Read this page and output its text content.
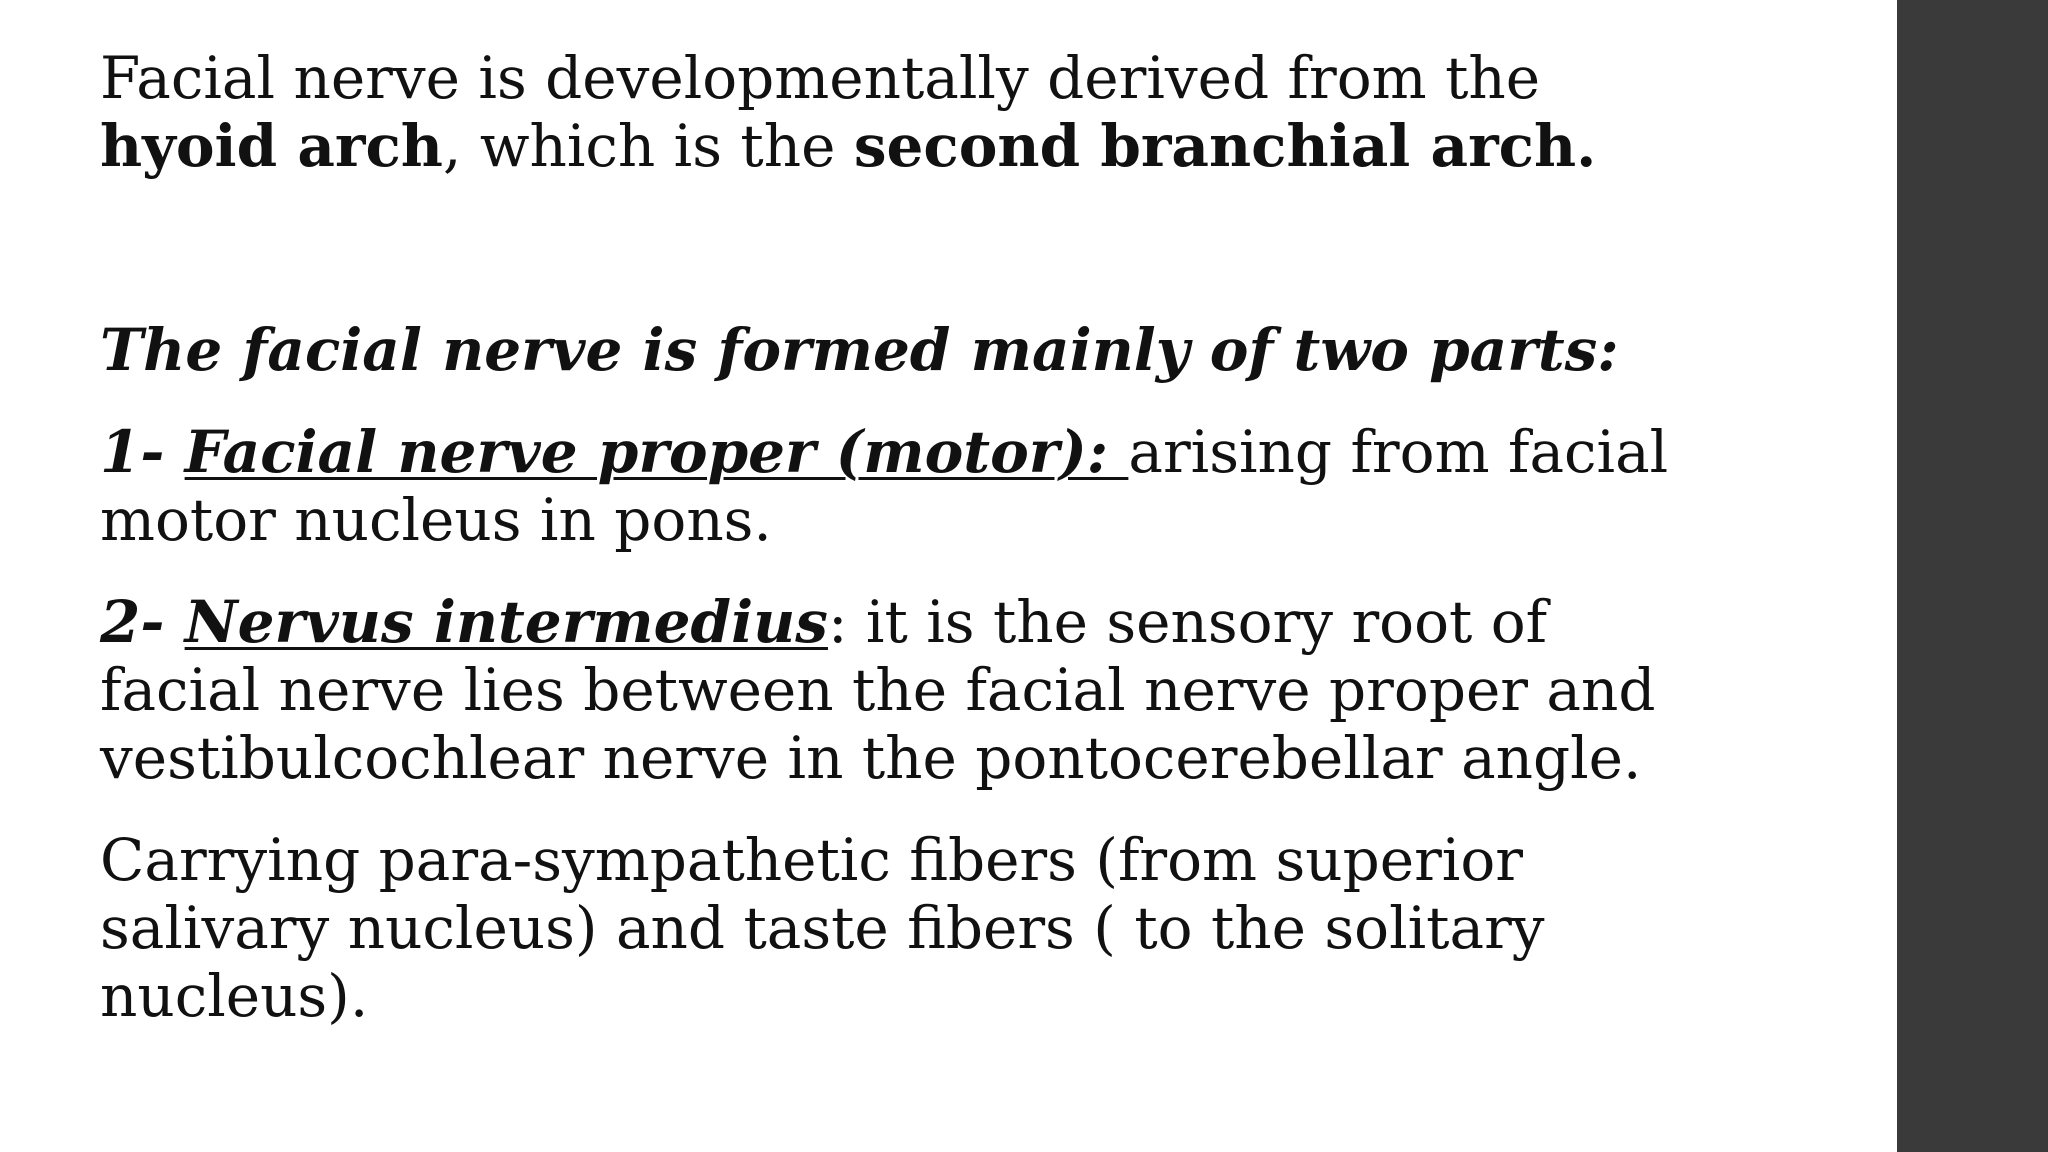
Facial nerve is developmentally derived from the hyoid arch, which is the second branchial arch.

The facial nerve is formed mainly of two parts:

1- Facial nerve proper (motor): arising from facial motor nucleus in pons.

2- Nervus intermedius: it is the sensory root of facial nerve lies between the facial nerve proper and vestibulcochlear nerve in the pontocerebellar angle.

Carrying para-sympathetic fibers (from superior salivary nucleus) and taste fibers ( to the solitary nucleus).
